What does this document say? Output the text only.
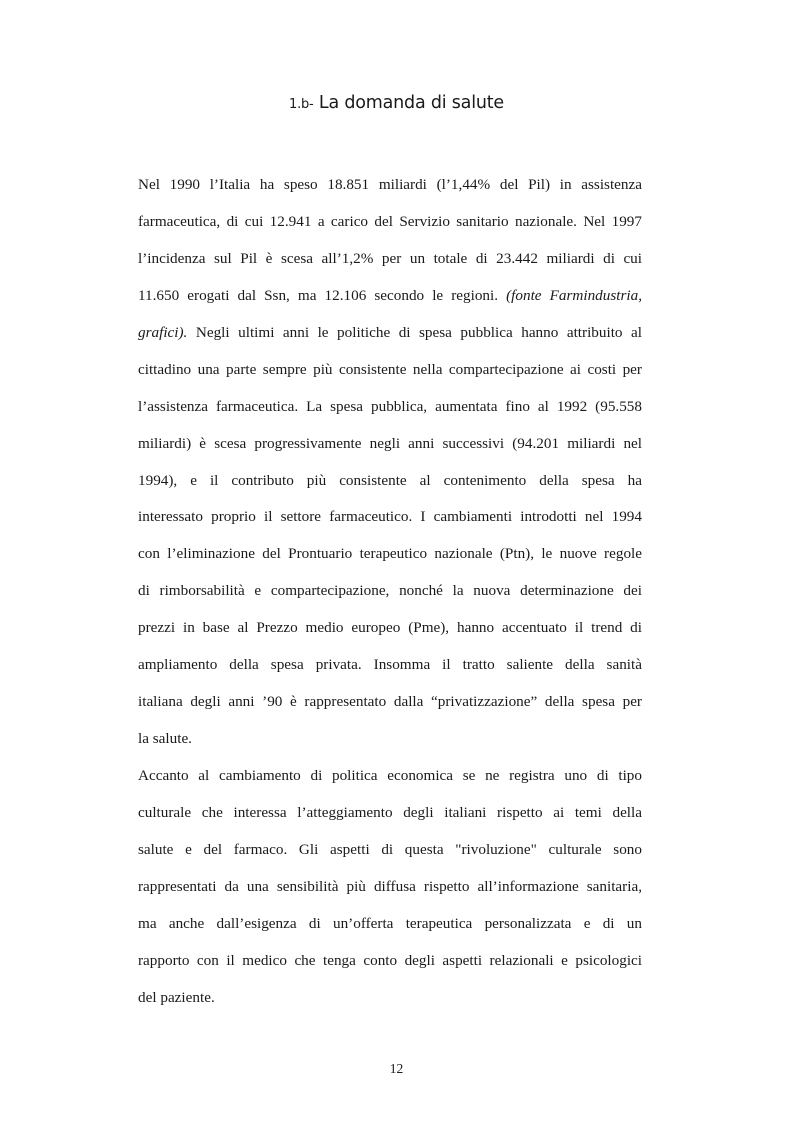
1.b- La domanda di salute
Nel 1990 l’Italia ha speso 18.851 miliardi (l’1,44% del Pil) in assistenza
farmaceutica, di cui 12.941 a carico del Servizio sanitario nazionale. Nel 1997
l’incidenza sul Pil è scesa all’1,2% per un totale di 23.442 miliardi di cui
11.650 erogati dal Ssn, ma 12.106 secondo le regioni. (fonte Farmindustria,
grafici). Negli ultimi anni le politiche di spesa pubblica hanno attribuito al
cittadino una parte sempre più consistente nella compartecipazione ai costi per
l’assistenza farmaceutica. La spesa pubblica, aumentata fino al 1992 (95.558
miliardi) è scesa progressivamente negli anni successivi (94.201 miliardi nel
1994), e il contributo più consistente al contenimento della spesa ha
interessato proprio il settore farmaceutico. I cambiamenti introdotti nel 1994
con l’eliminazione del Prontuario terapeutico nazionale (Ptn), le nuove regole
di rimborsabilità e compartecipazione, nonché la nuova determinazione dei
prezzi in base al Prezzo medio europeo (Pme), hanno accentuato il trend di
ampliamento della spesa privata. Insomma il tratto saliente della sanità
italiana degli anni ’90 è rappresentato dalla “privatizzazione” della spesa per
la salute.
Accanto al cambiamento di politica economica se ne registra uno di tipo
culturale che interessa l’atteggiamento degli italiani rispetto ai temi della
salute e del farmaco. Gli aspetti di questa "rivoluzione" culturale sono
rappresentati da una sensibilità più diffusa rispetto all’informazione sanitaria,
ma anche dall’esigenza di un’offerta terapeutica personalizzata e di un
rapporto con il medico che tenga conto degli aspetti relazionali e psicologici
del paziente.
12
